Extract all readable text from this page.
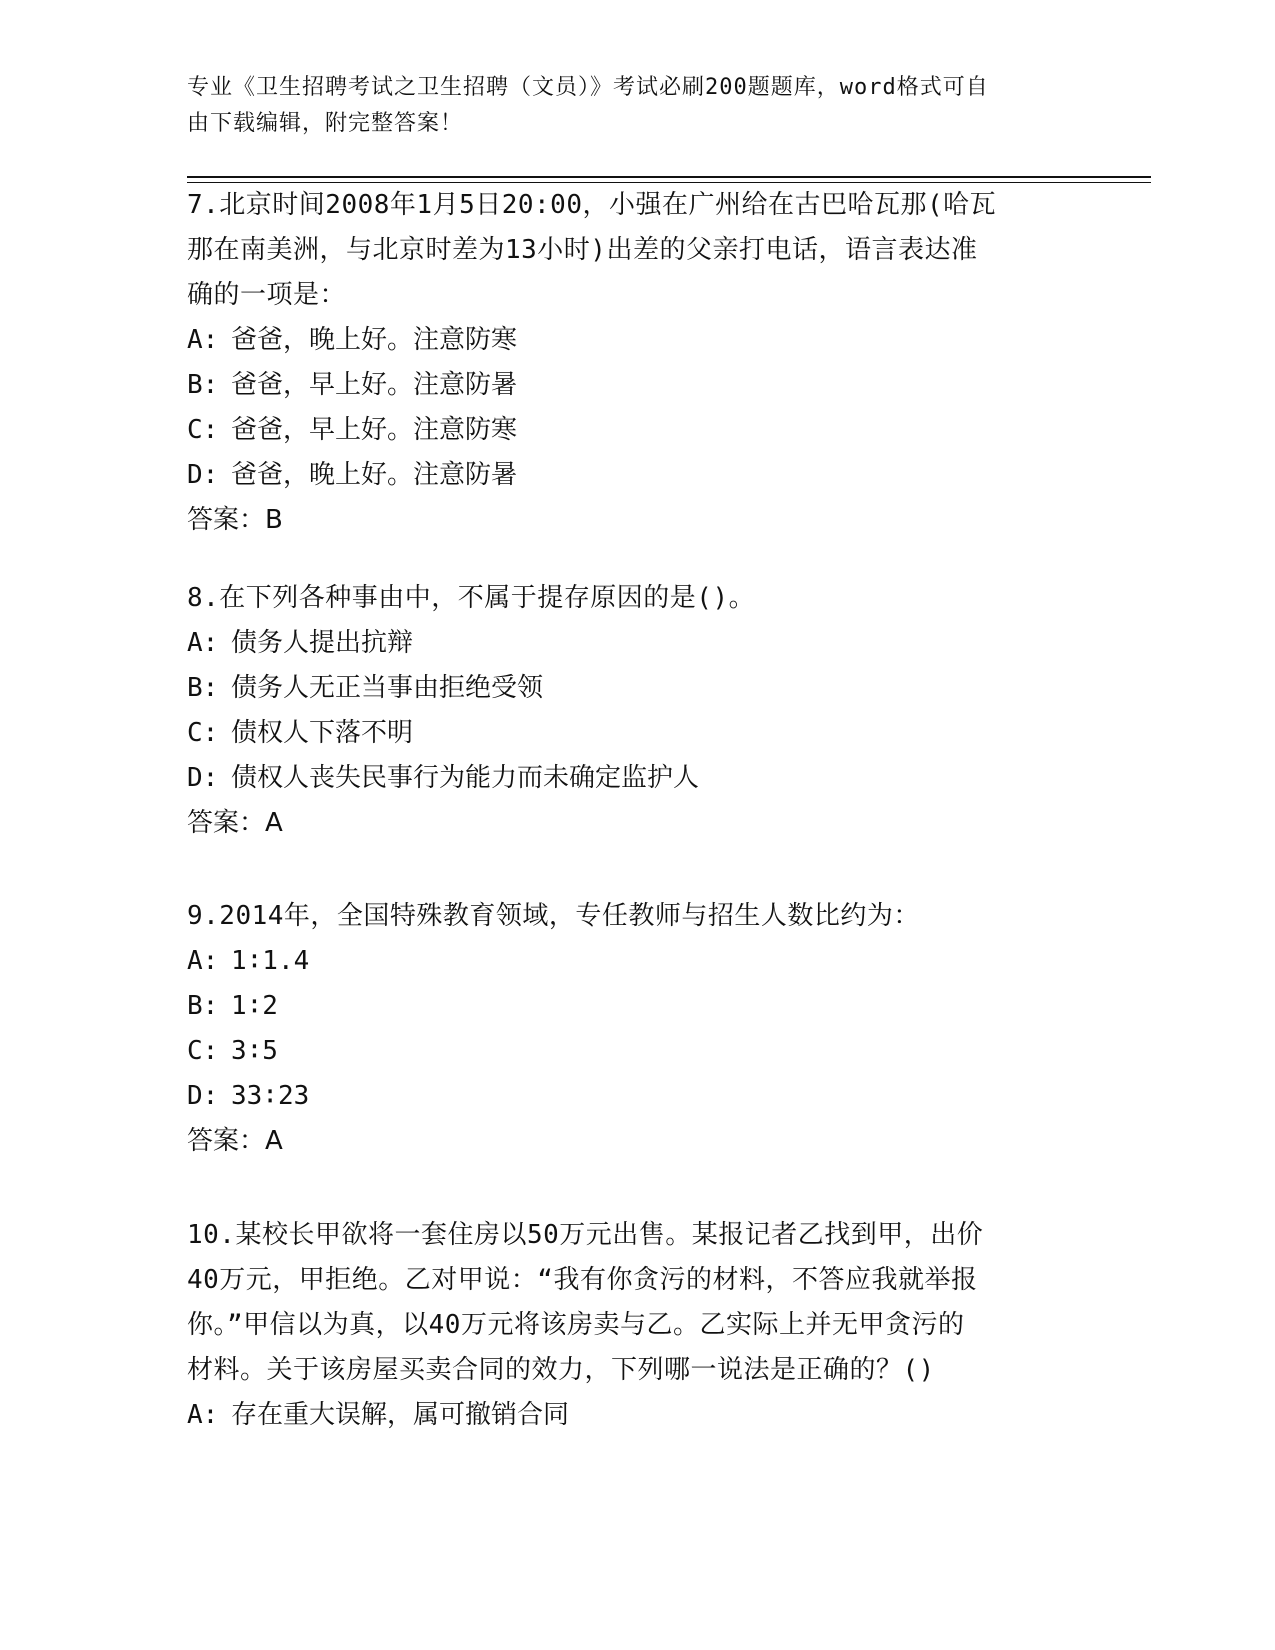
专业《卫生招聘考试之卫生招聘（文员）》考试必刷200题题库，word格式可自
由下载编辑，附完整答案！

7.北京时间2008年1月5日20:00，小强在广州给在古巴哈瓦那(哈瓦

那在南美洲，与北京时差为13小时)出差的父亲打电话，语言表达准

确的一项是：

A: 爸爸，晚上好。注意防寒

B: 爸爸，早上好。注意防暑

C: 爸爸，早上好。注意防寒

D: 爸爸，晚上好。注意防暑

答案：B

8.在下列各种事由中，不属于提存原因的是()。

A: 债务人提出抗辩

B: 债务人无正当事由拒绝受领

C: 债权人下落不明

D: 债权人丧失民事行为能力而未确定监护人

答案：A

9.2014年，全国特殊教育领域，专任教师与招生人数比约为：

A: 1∶1.4

B: 1∶2

C: 3∶5

D: 33∶23

答案：A

10.某校长甲欲将一套住房以50万元出售。某报记者乙找到甲，出价

40万元，甲拒绝。乙对甲说：“我有你贪污的材料，不答应我就举报

你。”甲信以为真，以40万元将该房卖与乙。乙实际上并无甲贪污的

材料。关于该房屋买卖合同的效力，下列哪一说法是正确的？()

A: 存在重大误解，属可撤销合同
